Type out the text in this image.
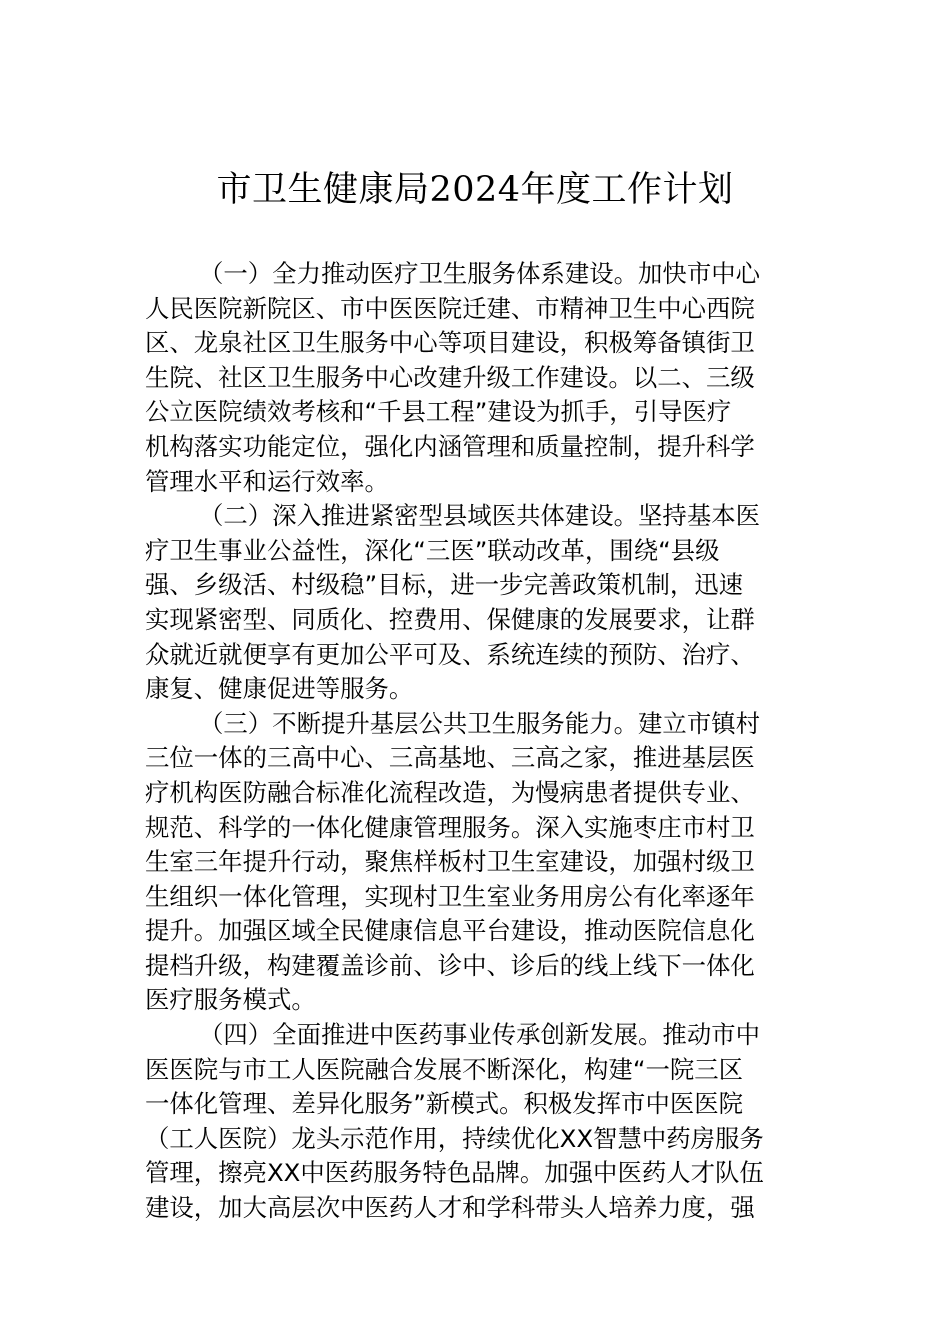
市卫生健康局2024年度工作计划
（一）全力推动医疗卫生服务体系建设。加快市中心
人民医院新院区、市中医医院迁建、市精神卫生中心西院
区、龙泉社区卫生服务中心等项目建设，积极筹备镇街卫
生院、社区卫生服务中心改建升级工作建设。以二、三级
公立医院绩效考核和“千县工程”建设为抓手，引导医疗
机构落实功能定位，强化内涵管理和质量控制，提升科学
管理水平和运行效率。
（二）深入推进紧密型县域医共体建设。坚持基本医
疗卫生事业公益性，深化“三医”联动改革，围绕“县级
强、乡级活、村级稳”目标，进一步完善政策机制，迅速
实现紧密型、同质化、控费用、保健康的发展要求，让群
众就近就便享有更加公平可及、系统连续的预防、治疗、
康复、健康促进等服务。
（三）不断提升基层公共卫生服务能力。建立市镇村
三位一体的三高中心、三高基地、三高之家，推进基层医
疗机构医防融合标准化流程改造，为慢病患者提供专业、
规范、科学的一体化健康管理服务。深入实施枣庄市村卫
生室三年提升行动，聚焦样板村卫生室建设，加强村级卫
生组织一体化管理，实现村卫生室业务用房公有化率逐年
提升。加强区域全民健康信息平台建设，推动医院信息化
提档升级，构建覆盖诊前、诊中、诊后的线上线下一体化
医疗服务模式。
（四）全面推进中医药事业传承创新发展。推动市中
医医院与市工人医院融合发展不断深化，构建“一院三区
一体化管理、差异化服务”新模式。积极发挥市中医医院
（工人医院）龙头示范作用，持续优化XX智慧中药房服务
管理，擦亮XX中医药服务特色品牌。加强中医药人才队伍
建设，加大高层次中医药人才和学科带头人培养力度，强
